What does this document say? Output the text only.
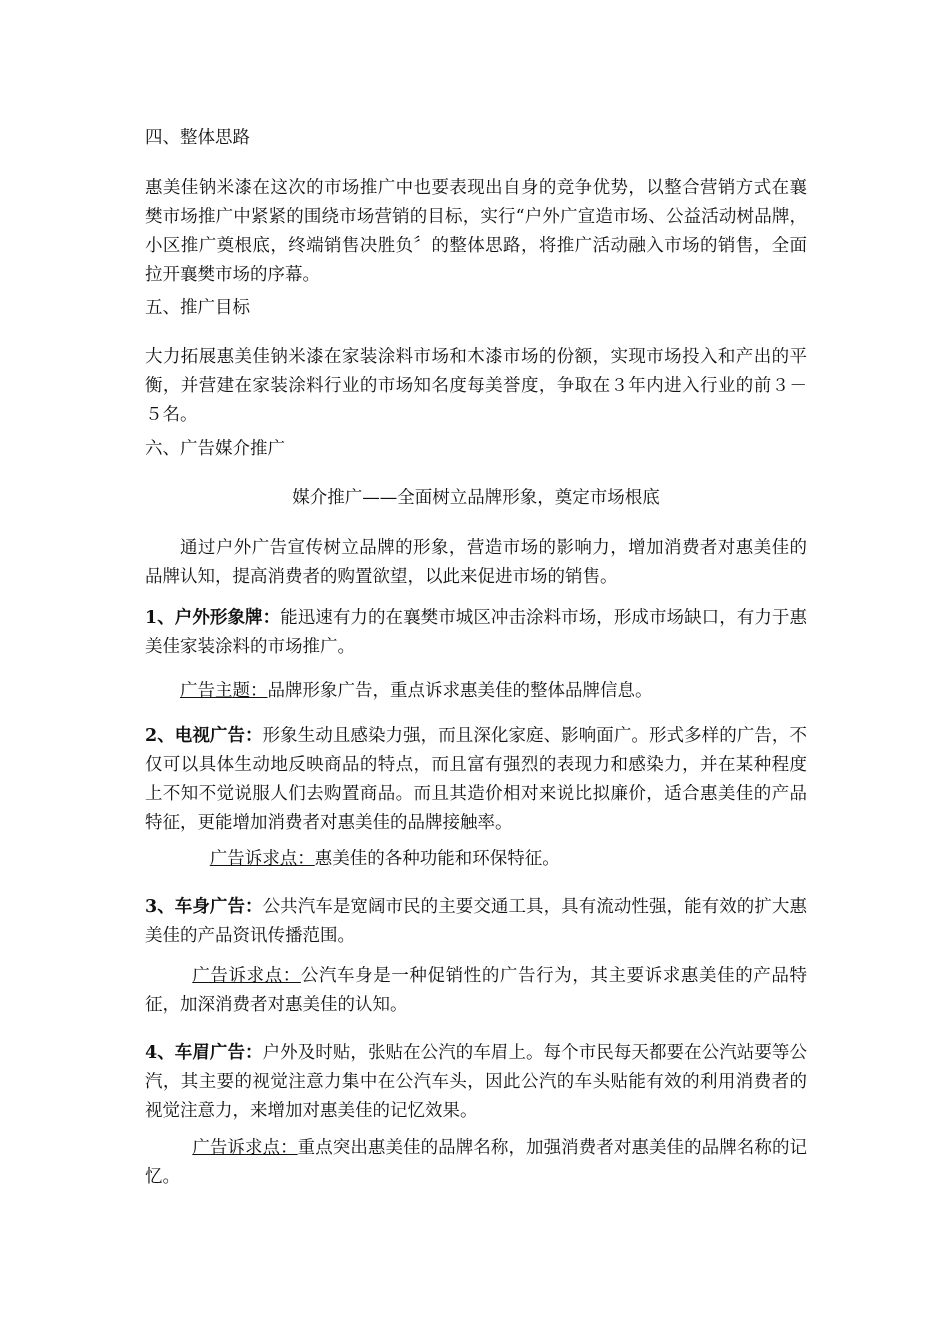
四、整体思路

惠美佳钠米漆在这次的市场推广中也要表现出自身的竞争优势，以整合营销方式在襄樊市场推广中紧紧的围绕市场营销的目标，实行“户外广宣造市场、公益活动树品牌，小区推广奠根底，终端销售决胜负〞的整体思路，将推广活动融入市场的销售，全面拉开襄樊市场的序幕。

五、推广目标

大力拓展惠美佳钠米漆在家装涂料市场和木漆市场的份额，实现市场投入和产出的平衡，并营建在家装涂料行业的市场知名度每美誉度，争取在３年内进入行业的前３－５名。

六、广告媒介推广

媒介推广——全面树立品牌形象，奠定市场根底

通过户外广告宣传树立品牌的形象，营造市场的影响力，增加消费者对惠美佳的品牌认知，提高消费者的购置欲望，以此来促进市场的销售。

1、户外形象牌：能迅速有力的在襄樊市城区冲击涂料市场，形成市场缺口，有力于惠美佳家装涂料的市场推广。

广告主题：品牌形象广告，重点诉求惠美佳的整体品牌信息。

2、电视广告：形象生动且感染力强，而且深化家庭、影响面广。形式多样的广告，不仅可以具体生动地反映商品的特点，而且富有强烈的表现力和感染力，并在某种程度上不知不觉说服人们去购置商品。而且其造价相对来说比拟廉价，适合惠美佳的产品特征，更能增加消费者对惠美佳的品牌接触率。

广告诉求点：惠美佳的各种功能和环保特征。

3、车身广告：公共汽车是宽阔市民的主要交通工具，具有流动性强，能有效的扩大惠美佳的产品资讯传播范围。

广告诉求点：公汽车身是一种促销性的广告行为，其主要诉求惠美佳的产品特征，加深消费者对惠美佳的认知。

4、车眉广告：户外及时贴，张贴在公汽的车眉上。每个市民每天都要在公汽站要等公汽，其主要的视觉注意力集中在公汽车头，因此公汽的车头贴能有效的利用消费者的视觉注意力，来增加对惠美佳的记忆效果。

广告诉求点：重点突出惠美佳的品牌名称，加强消费者对惠美佳的品牌名称的记忆。
